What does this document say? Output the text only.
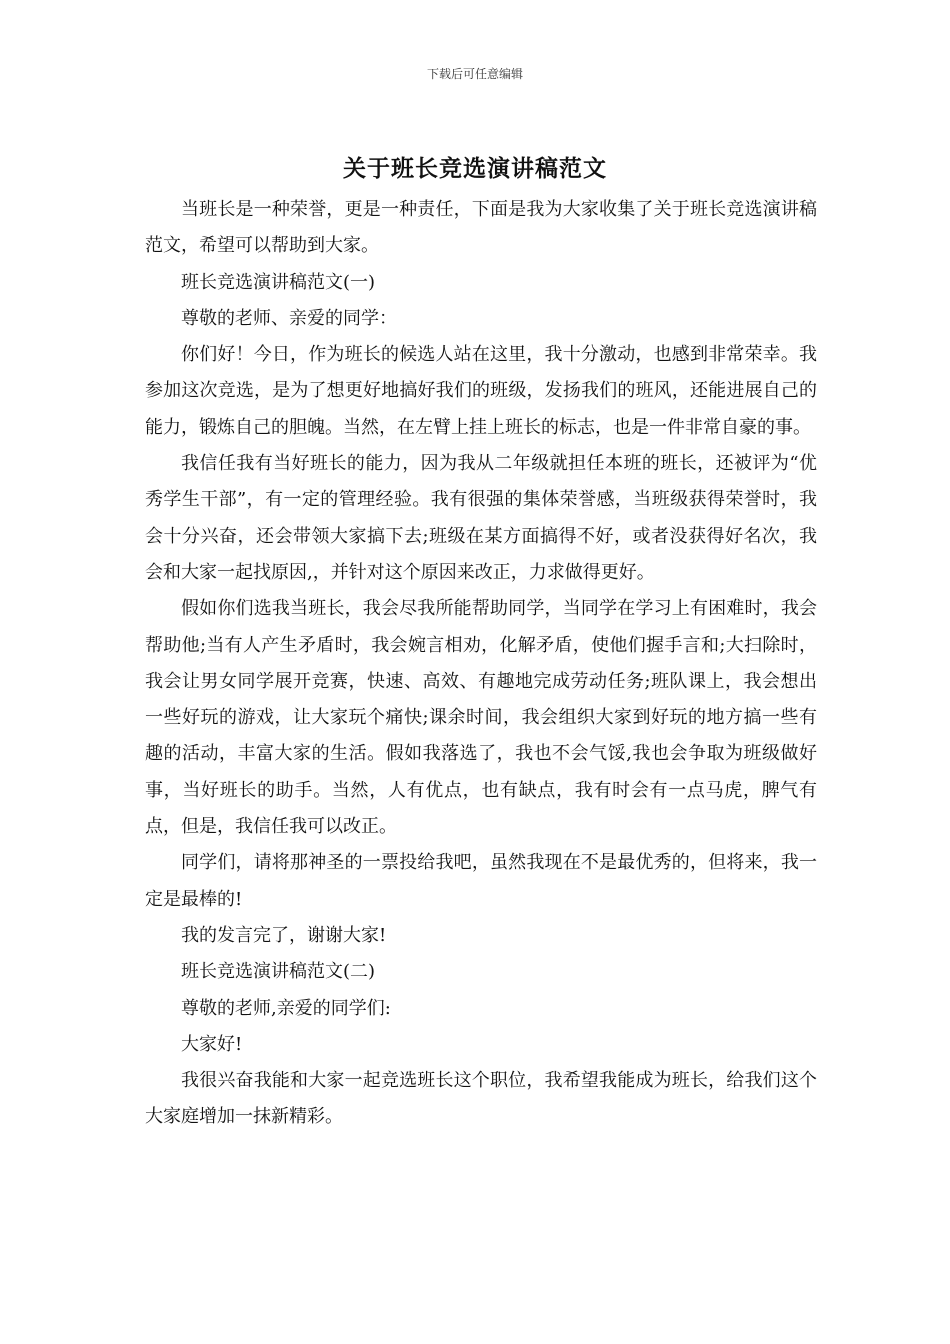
下载后可任意编辑
关于班长竞选演讲稿范文

当班长是一种荣誉，更是一种责任，下面是我为大家收集了关于班长竞选演讲稿范文，希望可以帮助到大家。

班长竞选演讲稿范文(一)

尊敬的老师、亲爱的同学：

你们好！今日，作为班长的候选人站在这里，我十分激动，也感到非常荣幸。我参加这次竞选，是为了想更好地搞好我们的班级，发扬我们的班风，还能进展自己的能力，锻炼自己的胆魄。当然，在左臂上挂上班长的标志，也是一件非常自豪的事。

我信任我有当好班长的能力，因为我从二年级就担任本班的班长，还被评为“优秀学生干部”，有一定的管理经验。我有很强的集体荣誉感，当班级获得荣誉时，我会十分兴奋，还会带领大家搞下去;班级在某方面搞得不好，或者没获得好名次，我会和大家一起找原因,，并针对这个原因来改正，力求做得更好。

假如你们选我当班长，我会尽我所能帮助同学，当同学在学习上有困难时，我会帮助他;当有人产生矛盾时，我会婉言相劝，化解矛盾，使他们握手言和;大扫除时，我会让男女同学展开竞赛，快速、高效、有趣地完成劳动任务;班队课上，我会想出一些好玩的游戏，让大家玩个痛快;课余时间，我会组织大家到好玩的地方搞一些有趣的活动，丰富大家的生活。假如我落选了，我也不会气馁,我也会争取为班级做好事，当好班长的助手。当然，人有优点，也有缺点，我有时会有一点马虎，脾气有点，但是，我信任我可以改正。

同学们，请将那神圣的一票投给我吧，虽然我现在不是最优秀的，但将来，我一定是最棒的!

我的发言完了，谢谢大家!

班长竞选演讲稿范文(二)

尊敬的老师,亲爱的同学们:

大家好!

我很兴奋我能和大家一起竞选班长这个职位，我希望我能成为班长，给我们这个大家庭增加一抹新精彩。
